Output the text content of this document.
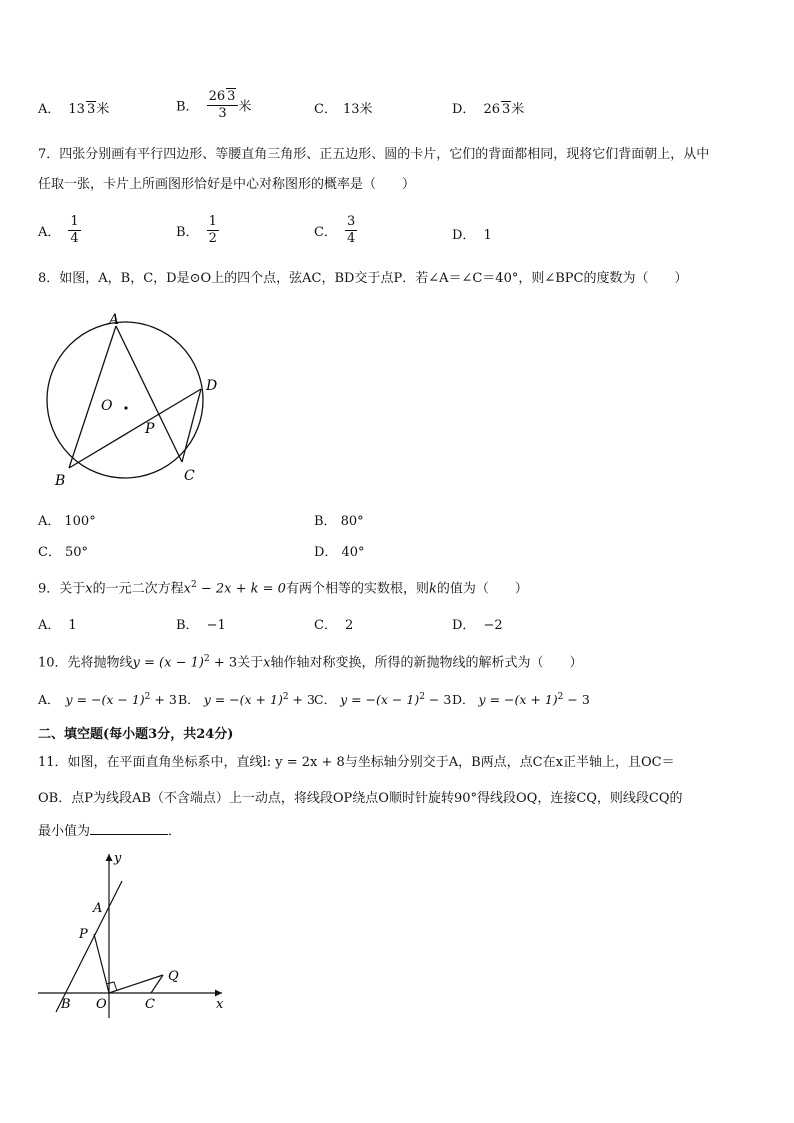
A． 13 3米	B． $\frac{26 3}{3}$ 米	C． 13米	D． 26 3米
7．四张分别画有平行四边形、等腰直角三角形、正五边形、圆的卡片，它们的背面都相同，现将它们背面朝上，从中
任取一张，卡片上所画图形恰好是中心对称图形的概率是（　　）
A． $\frac{1}{4}$	B． $\frac{1}{2}$	C． $\frac{3}{4}$	D． 1
8．如图，A，B，C，D是⊙O上的四个点，弦AC，BD交于点P．若∠A＝∠C＝40°，则∠BPC的度数为（　　）
A
D
O
P
C
B
A． 100°	B． 80°
C． 50°	D． 40°
9．关于x的一元二次方程$x^2 - 2x + k = 0$有两个相等的实数根，则k的值为（　　）
A． 1	B． −1	C． 2	D． −2
10．先将抛物线$y = (x - 1)^2 + 3$关于x轴作轴对称变换，所得的新抛物线的解析式为（　　）
A． $y = -(x - 1)^2 + 3$ B． $y = -(x + 1)^2 + 3$ C． $y = -(x - 1)^2 - 3$ D． $y = -(x + 1)^2 - 3$
二、填空题(每小题3分，共24分)
11．如图，在平面直角坐标系中，直线l: y = 2x + 8与坐标轴分别交于A，B两点，点C在x正半轴上，且OC＝
OB．点P为线段AB（不含端点）上一动点，将线段OP绕点O顺时针旋转90°得线段OQ，连接CQ，则线段CQ的
最小值为	．
y
A
P
Q
B O	C	x
